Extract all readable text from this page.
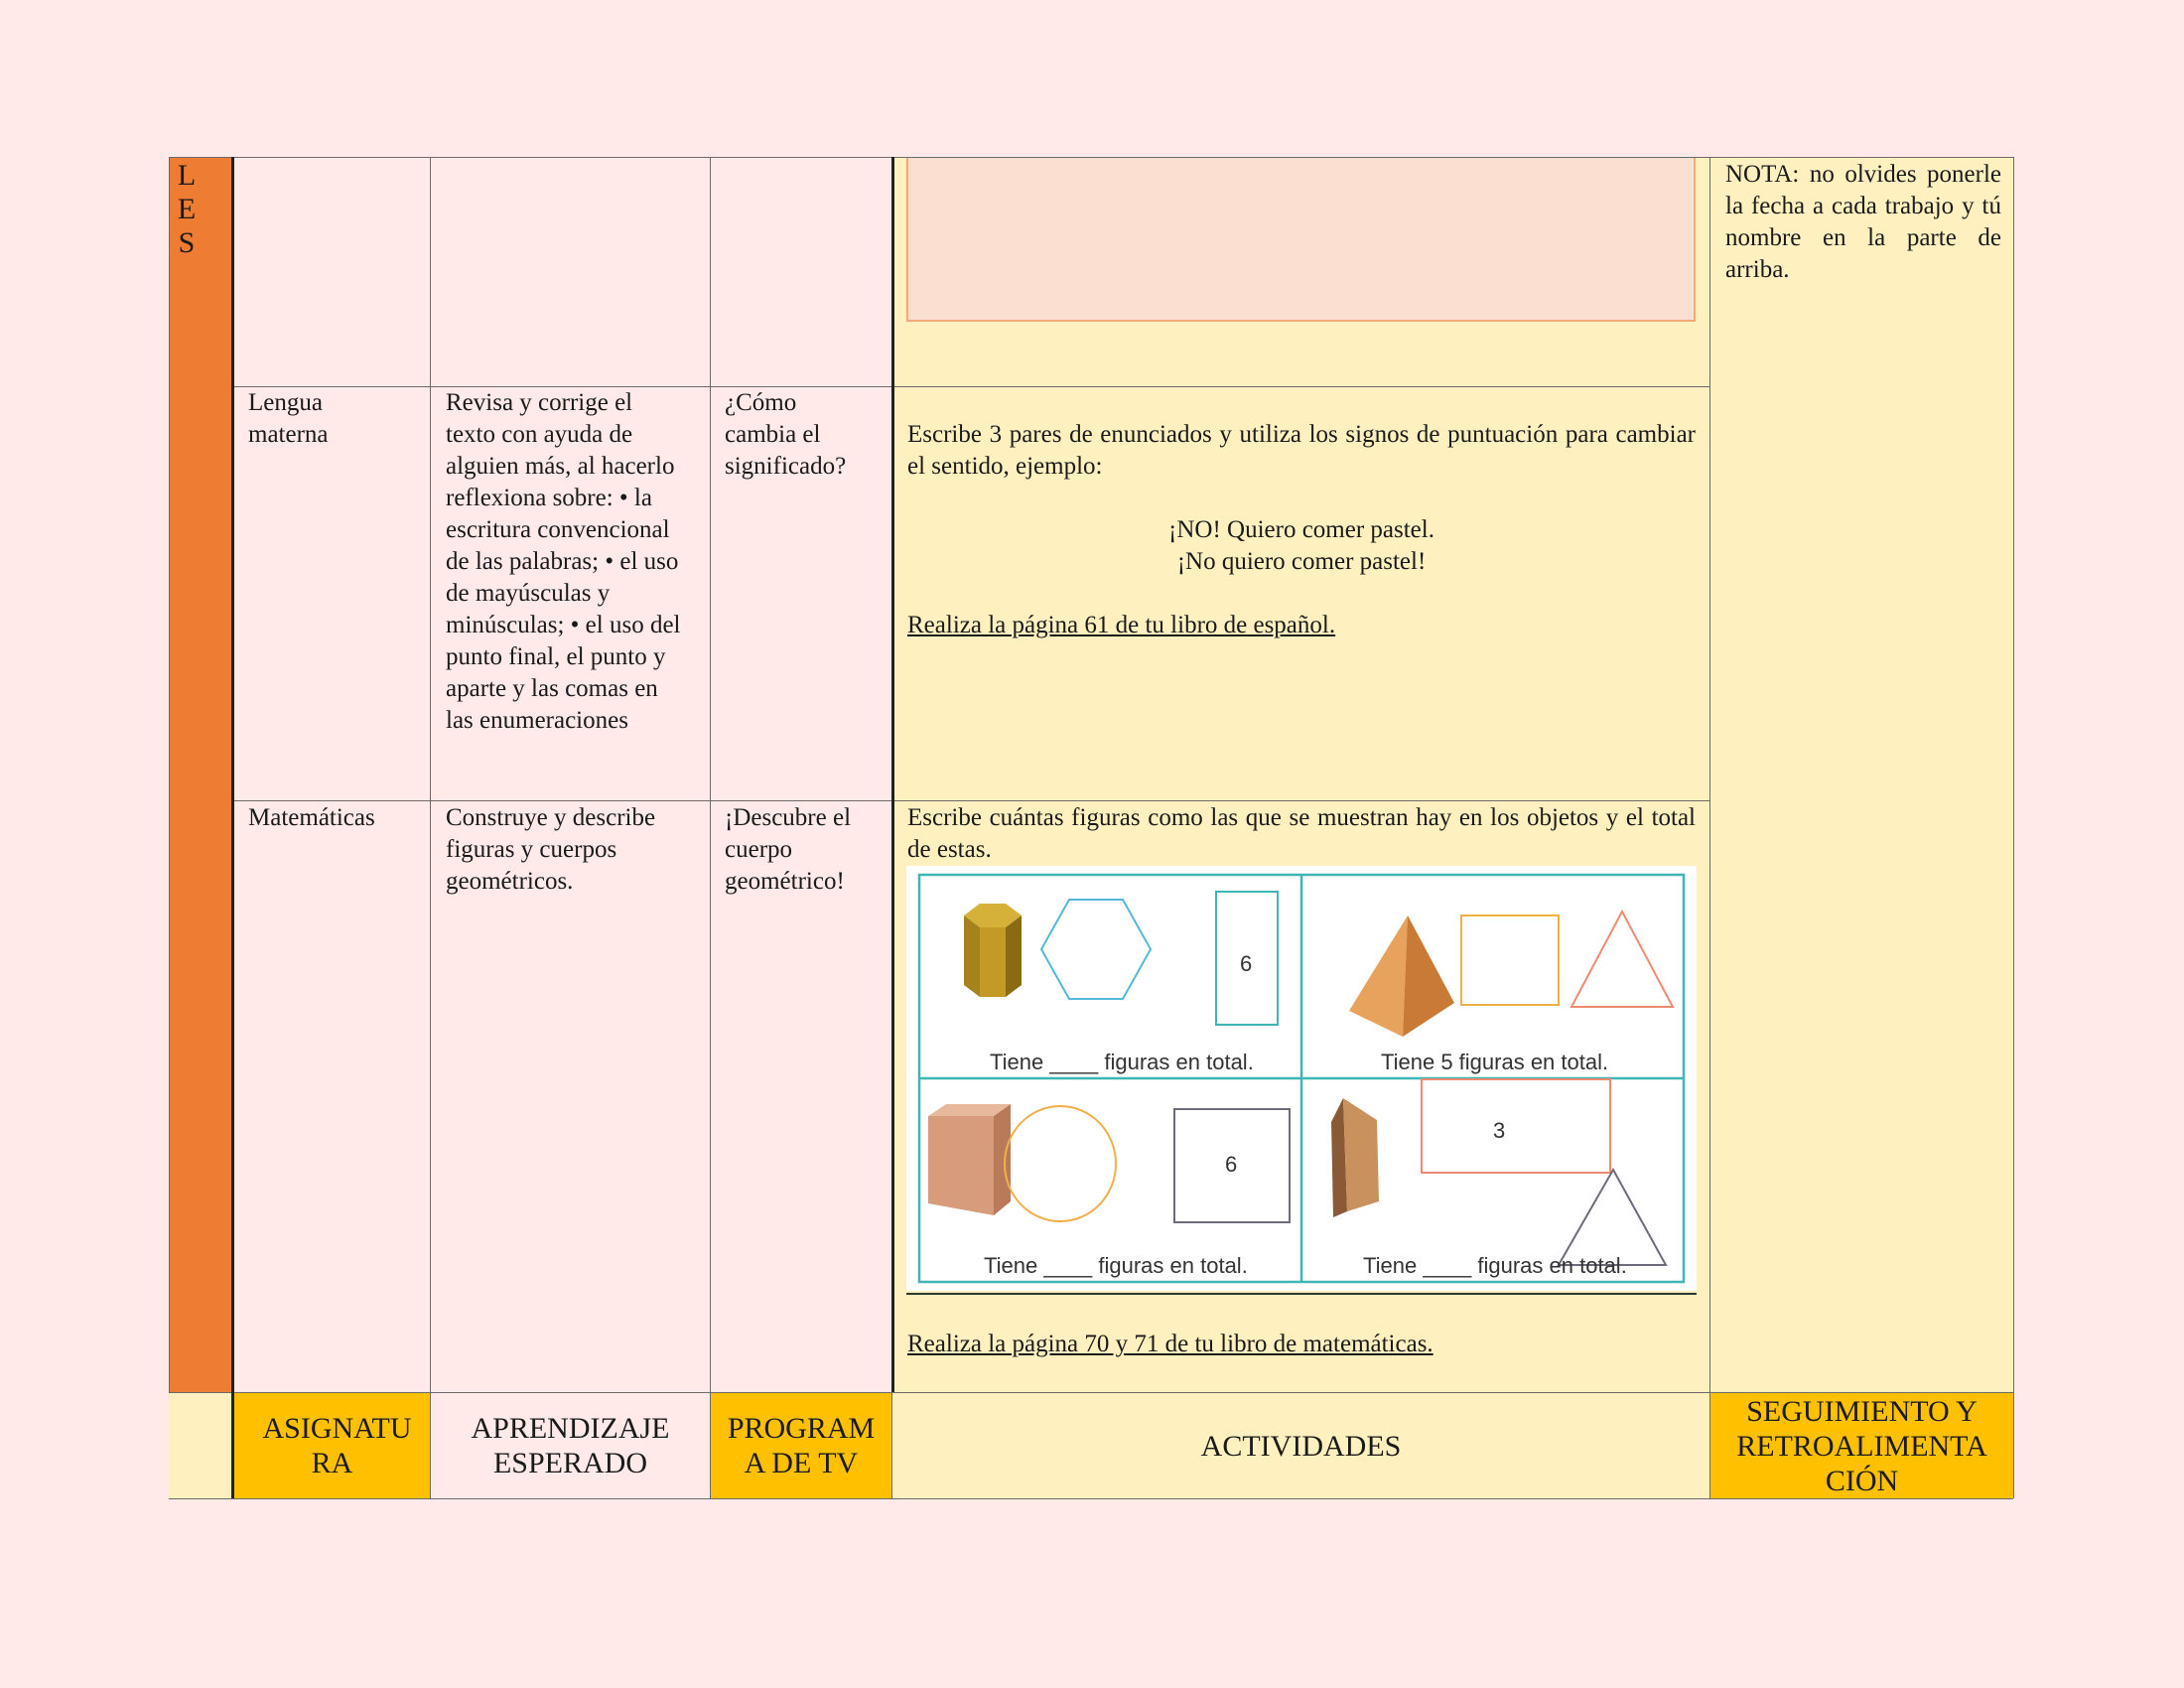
L
E
S
NOTA: no olvides ponerle la fecha a cada trabajo y tú nombre en la parte de arriba.
Lengua materna
Revisa y corrige el texto con ayuda de alguien más, al hacerlo reflexiona sobre: • la escritura convencional de las palabras; • el uso de mayúsculas y minúsculas; • el uso del punto final, el punto y aparte y las comas en las enumeraciones
¿Cómo cambia el significado?
Escribe 3 pares de enunciados y utiliza los signos de puntuación para cambiar el sentido, ejemplo:
¡NO! Quiero comer pastel.
¡No quiero comer pastel!
Realiza la página 61 de tu libro de español.
Matemáticas	Construye y describe figuras y cuerpos geométricos.
¡Descubre el cuerpo geométrico!
Escribe cuántas figuras como las que se muestran hay en los objetos y el total de estas.
6
Tiene ____ figuras en total.	Tiene 5 figuras en total.
6
Tiene ____ figuras en total.
3
Tiene ____ figuras en total.
Realiza la página 70 y 71 de tu libro de matemáticas.
ASIGNATU RA
APRENDIZAJE ESPERADO
PROGRAM A DE TV
ACTIVIDADES
SEGUIMIENTO Y RETROALIMENTA CIÓN
